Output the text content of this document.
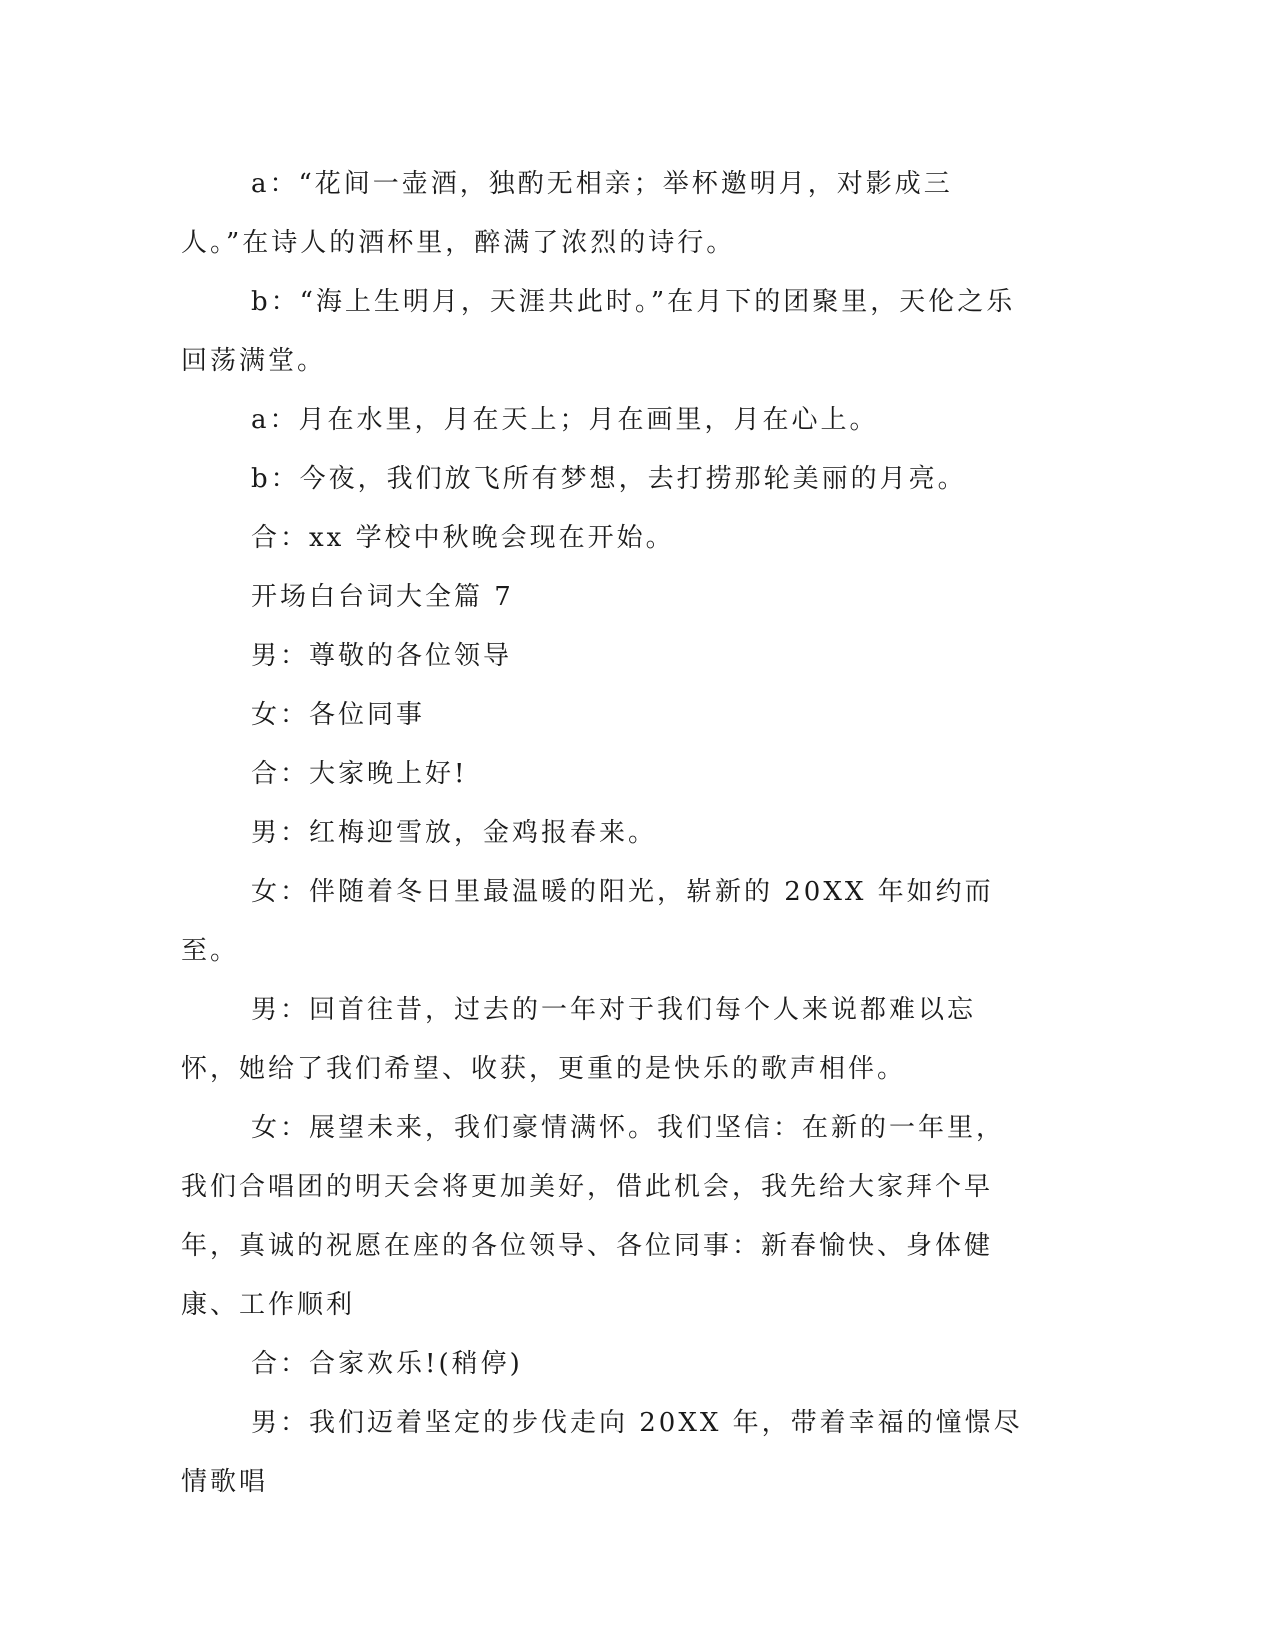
a：“花间一壶酒，独酌无相亲；举杯邀明月，对影成三人。”在诗人的酒杯里，醉满了浓烈的诗行。

b：“海上生明月，天涯共此时。”在月下的团聚里，天伦之乐回荡满堂。

a：月在水里，月在天上；月在画里，月在心上。

b：今夜，我们放飞所有梦想，去打捞那轮美丽的月亮。

合：xx 学校中秋晚会现在开始。

开场白台词大全篇 7

男：尊敬的各位领导

女：各位同事

合：大家晚上好!

男：红梅迎雪放，金鸡报春来。

女：伴随着冬日里最温暖的阳光，崭新的 20XX 年如约而至。

男：回首往昔，过去的一年对于我们每个人来说都难以忘怀，她给了我们希望、收获，更重的是快乐的歌声相伴。

女：展望未来，我们豪情满怀。我们坚信：在新的一年里，我们合唱团的明天会将更加美好，借此机会，我先给大家拜个早年，真诚的祝愿在座的各位领导、各位同事：新春愉快、身体健康、工作顺利

合：合家欢乐!(稍停)

男：我们迈着坚定的步伐走向 20XX 年，带着幸福的憧憬尽情歌唱
